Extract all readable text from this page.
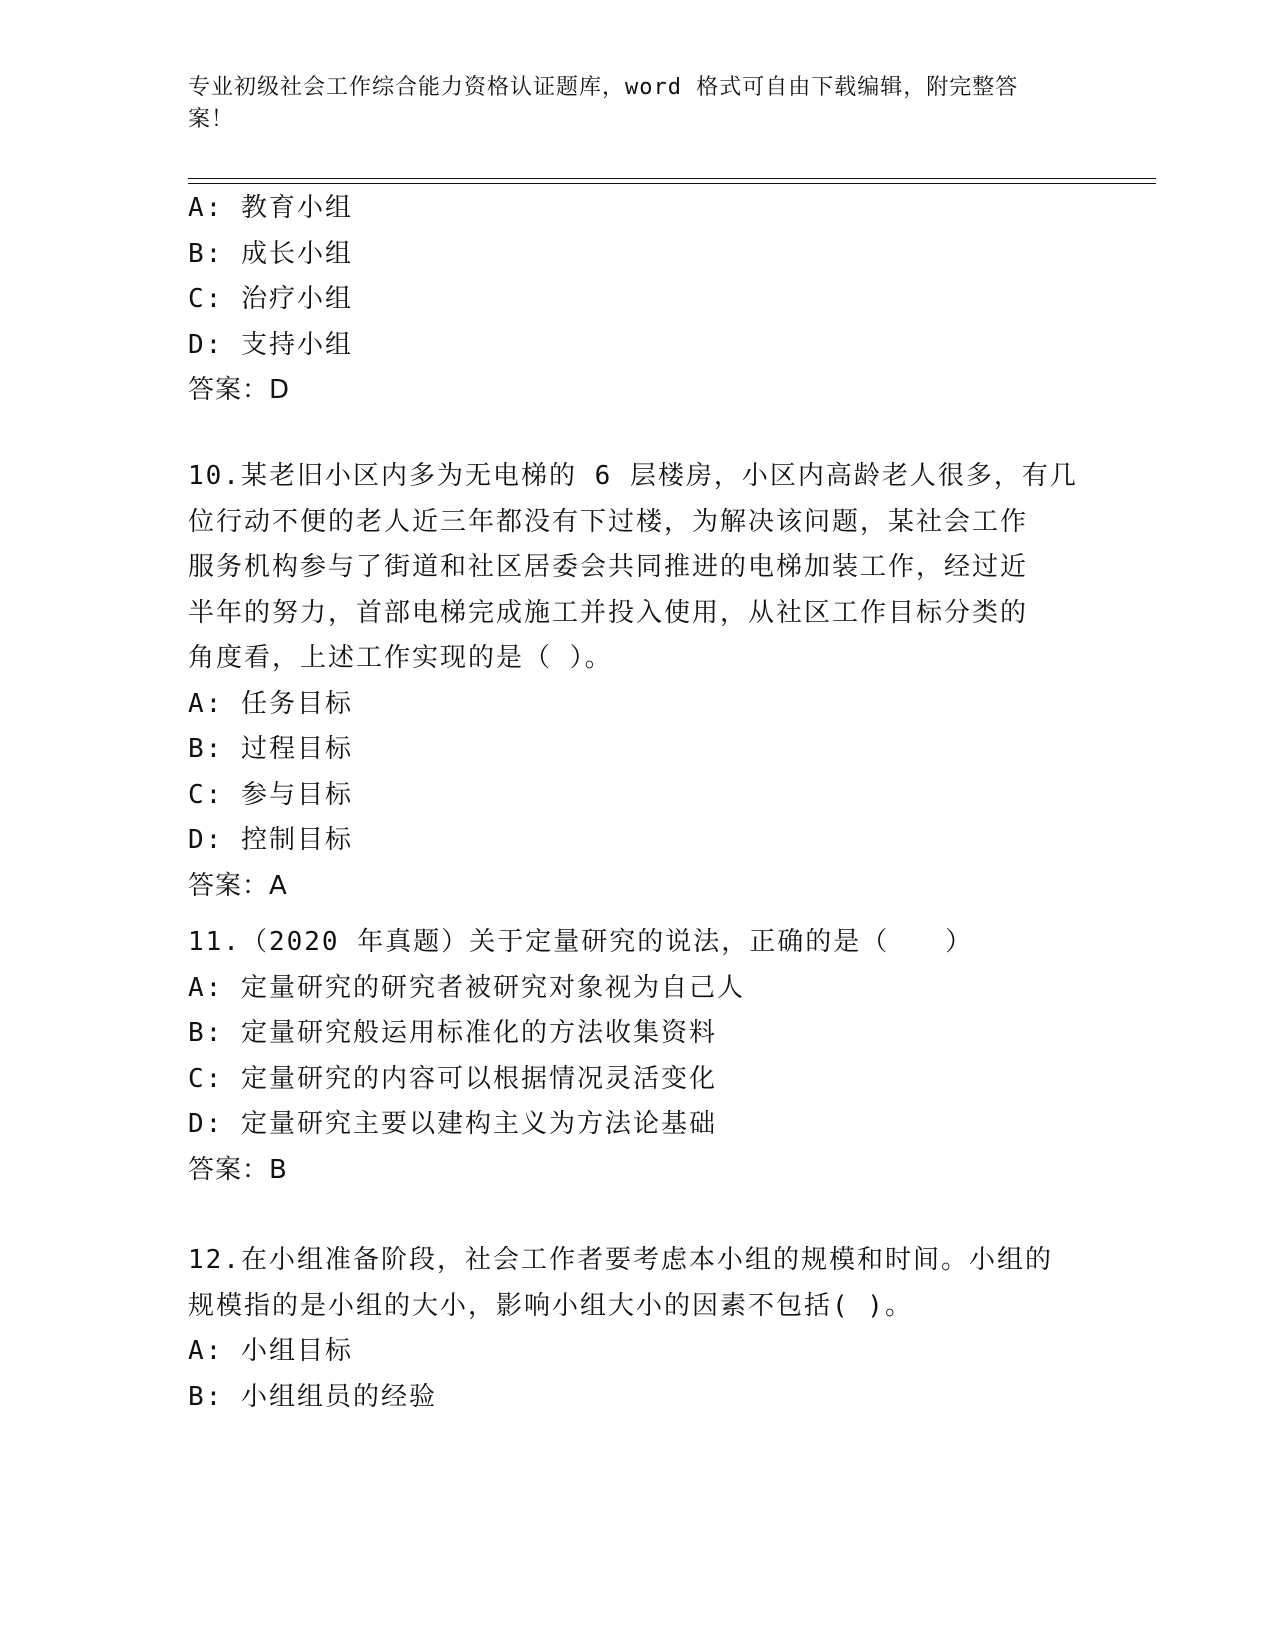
专业初级社会工作综合能力资格认证题库，word 格式可自由下载编辑，附完整答
案！
A: 教育小组
B: 成长小组
C: 治疗小组
D: 支持小组
答案：D
10.某老旧小区内多为无电梯的 6 层楼房，小区内高龄老人很多，有几
位行动不便的老人近三年都没有下过楼，为解决该问题，某社会工作
服务机构参与了街道和社区居委会共同推进的电梯加装工作，经过近
半年的努力，首部电梯完成施工并投入使用，从社区工作目标分类的
角度看，上述工作实现的是（ ）。
A: 任务目标
B: 过程目标
C: 参与目标
D: 控制目标
答案：A
11.（2020 年真题）关于定量研究的说法，正确的是（　　）
A: 定量研究的研究者被研究对象视为自己人
B: 定量研究般运用标准化的方法收集资料
C: 定量研究的内容可以根据情况灵活变化
D: 定量研究主要以建构主义为方法论基础
答案：B
12.在小组准备阶段，社会工作者要考虑本小组的规模和时间。小组的
规模指的是小组的大小，影响小组大小的因素不包括( )。
A: 小组目标
B: 小组组员的经验
